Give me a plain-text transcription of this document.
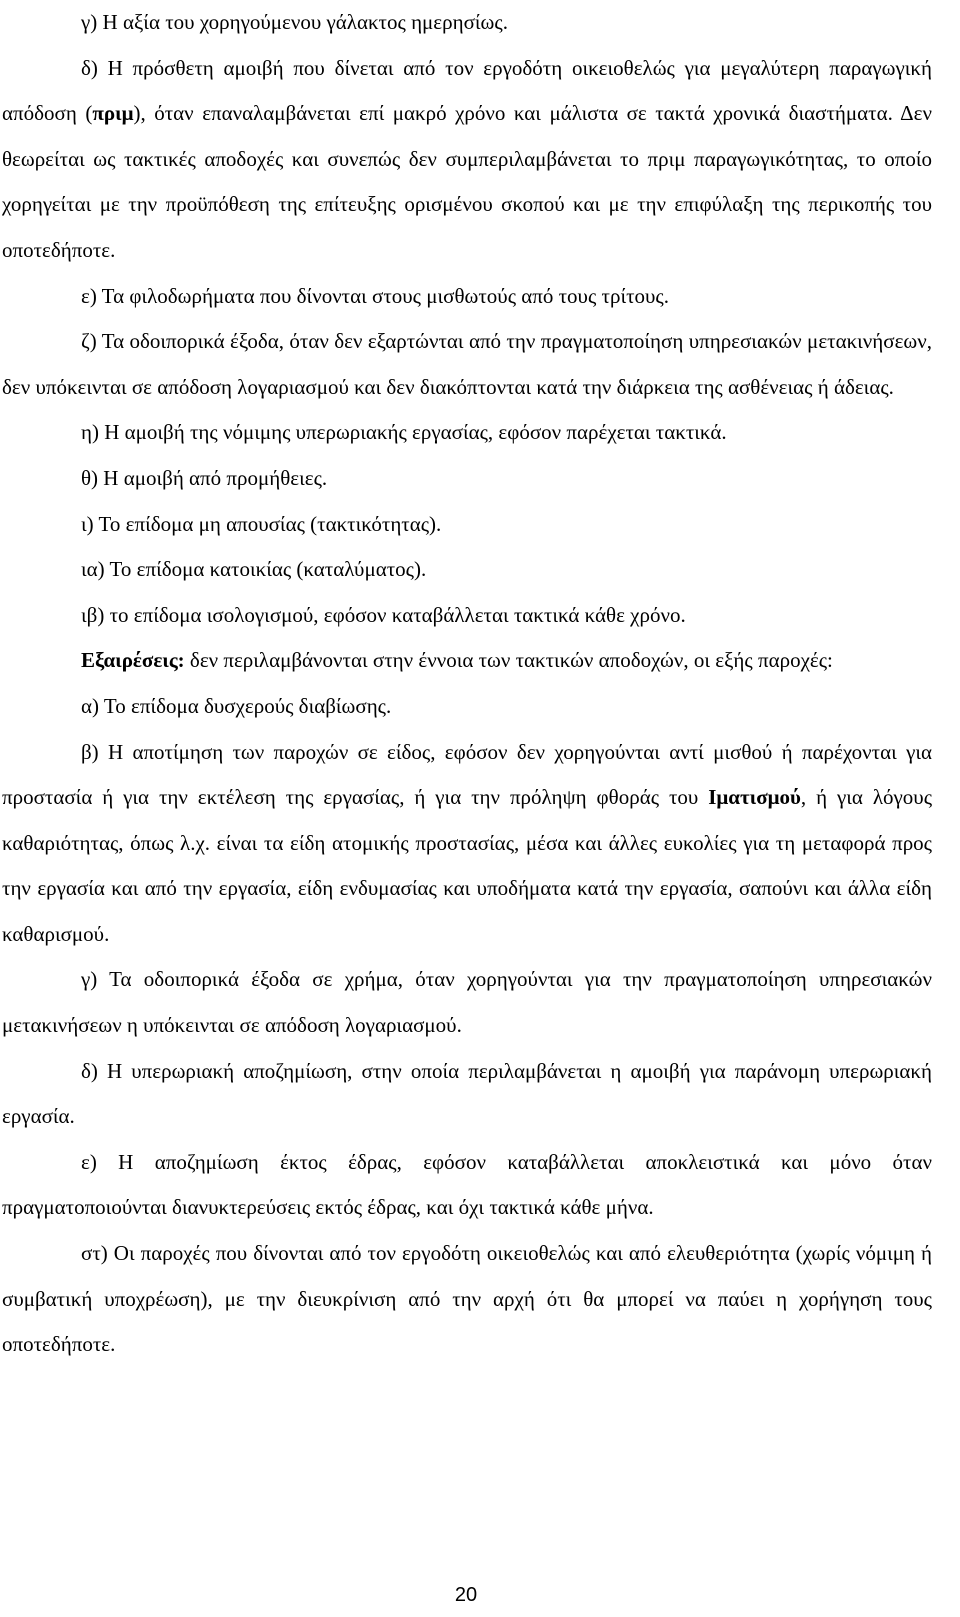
γ) Η αξία του χορηγούμενου γάλακτος ημερησίως.

δ) Η πρόσθετη αμοιβή που δίνεται από τον εργοδότη οικειοθελώς για μεγαλύτερη παραγωγική απόδοση (πριμ), όταν επαναλαμβάνεται επί μακρό χρόνο και μάλιστα σε τακτά χρονικά διαστήματα. Δεν θεωρείται ως τακτικές αποδοχές και συνεπώς δεν συμπεριλαμβάνεται το πριμ παραγωγικότητας, το οποίο χορηγείται με την προϋπόθεση της επίτευξης ορισμένου σκοπού και με την επιφύλαξη της περικοπής του οποτεδήποτε.

ε) Τα φιλοδωρήματα που δίνονται στους μισθωτούς από τους τρίτους.

ζ) Τα οδοιπορικά έξοδα, όταν δεν εξαρτώνται από την πραγματοποίηση υπηρεσιακών μετακινήσεων, δεν υπόκεινται σε απόδοση λογαριασμού και δεν διακόπτονται κατά την διάρκεια της ασθένειας ή άδειας.

η) Η αμοιβή της νόμιμης υπερωριακής εργασίας, εφόσον παρέχεται τακτικά.

θ) Η αμοιβή από προμήθειες.

ι) Το επίδομα μη απουσίας (τακτικότητας).

ια) Το επίδομα κατοικίας (καταλύματος).

ιβ) το επίδομα ισολογισμού, εφόσον καταβάλλεται τακτικά κάθε χρόνο.

Εξαιρέσεις: δεν περιλαμβάνονται στην έννοια των τακτικών αποδοχών, οι εξής παροχές:

α) Το επίδομα δυσχερούς διαβίωσης.

β) Η αποτίμηση των παροχών σε είδος, εφόσον δεν χορηγούνται αντί μισθού ή παρέχονται για προστασία ή για την εκτέλεση της εργασίας, ή για την πρόληψη φθοράς του Ιματισμού, ή για λόγους καθαριότητας, όπως λ.χ. είναι τα είδη ατομικής προστασίας, μέσα και άλλες ευκολίες για τη μεταφορά προς την εργασία και από την εργασία, είδη ενδυμασίας και υποδήματα κατά την εργασία, σαπούνι και άλλα είδη καθαρισμού.

γ) Τα οδοιπορικά έξοδα σε χρήμα, όταν χορηγούνται για την πραγματοποίηση υπηρεσιακών μετακινήσεων η υπόκεινται σε απόδοση λογαριασμού.

δ) Η υπερωριακή αποζημίωση, στην οποία περιλαμβάνεται η αμοιβή για παράνομη υπερωριακή εργασία.

ε) Η αποζημίωση έκτος έδρας, εφόσον καταβάλλεται αποκλειστικά και μόνο όταν πραγματοποιούνται διανυκτερεύσεις εκτός έδρας, και όχι τακτικά κάθε μήνα.

στ) Οι παροχές που δίνονται από τον εργοδότη οικειοθελώς και από ελευθεριότητα (χωρίς νόμιμη ή συμβατική υποχρέωση), με την διευκρίνιση από την αρχή ότι θα μπορεί να παύει η χορήγηση τους οποτεδήποτε.

20
